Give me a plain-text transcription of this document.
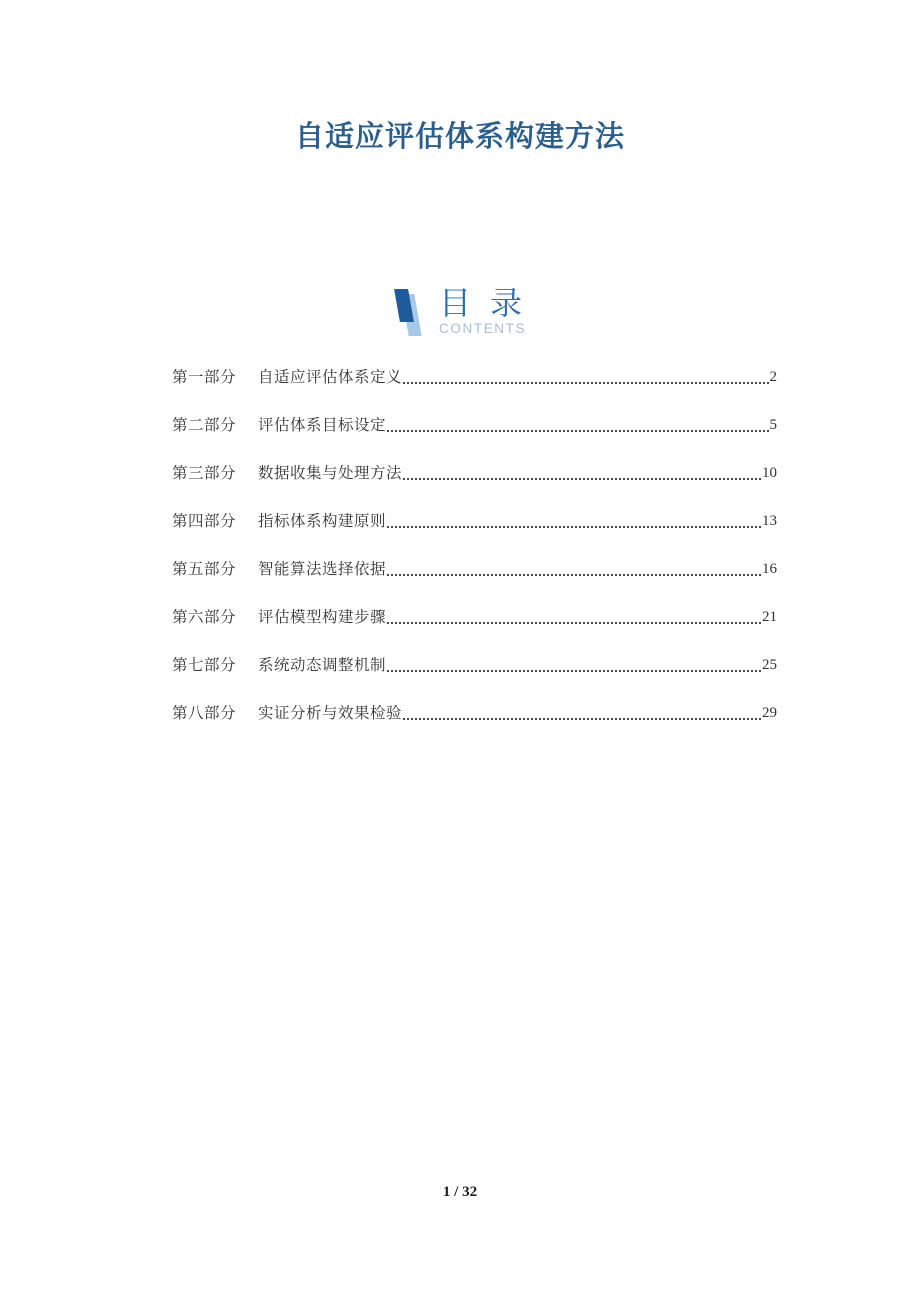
自适应评估体系构建方法
目 录
CONTENTS
第一部分 自适应评估体系定义	2
第二部分 评估体系目标设定	5
第三部分 数据收集与处理方法	10
第四部分 指标体系构建原则	13
第五部分 智能算法选择依据	16
第六部分 评估模型构建步骤	21
第七部分 系统动态调整机制	25
第八部分 实证分析与效果检验	29
1 / 32
